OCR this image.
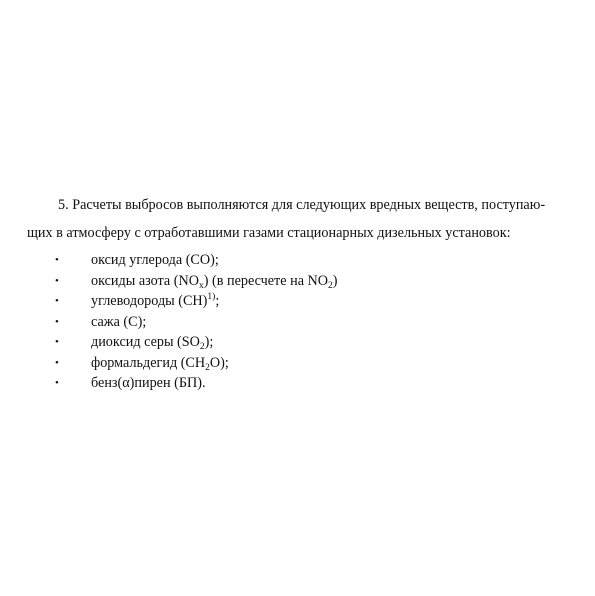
5. Расчеты выбросов выполняются для следующих вредных веществ, поступаю-
щих в атмосферу с отработавшими газами стационарных дизельных установок:
• оксид углерода (CO);
• оксиды азота $(NO_x)$ (в пересчете на $NO_2$)
• углеводороды (CH)$^{1)}$;
• сажа (C);
• диоксид серы $(SO_2)$;
• формальдегид $(CH_2O)$;
• бенз(α)пирен (БП).
